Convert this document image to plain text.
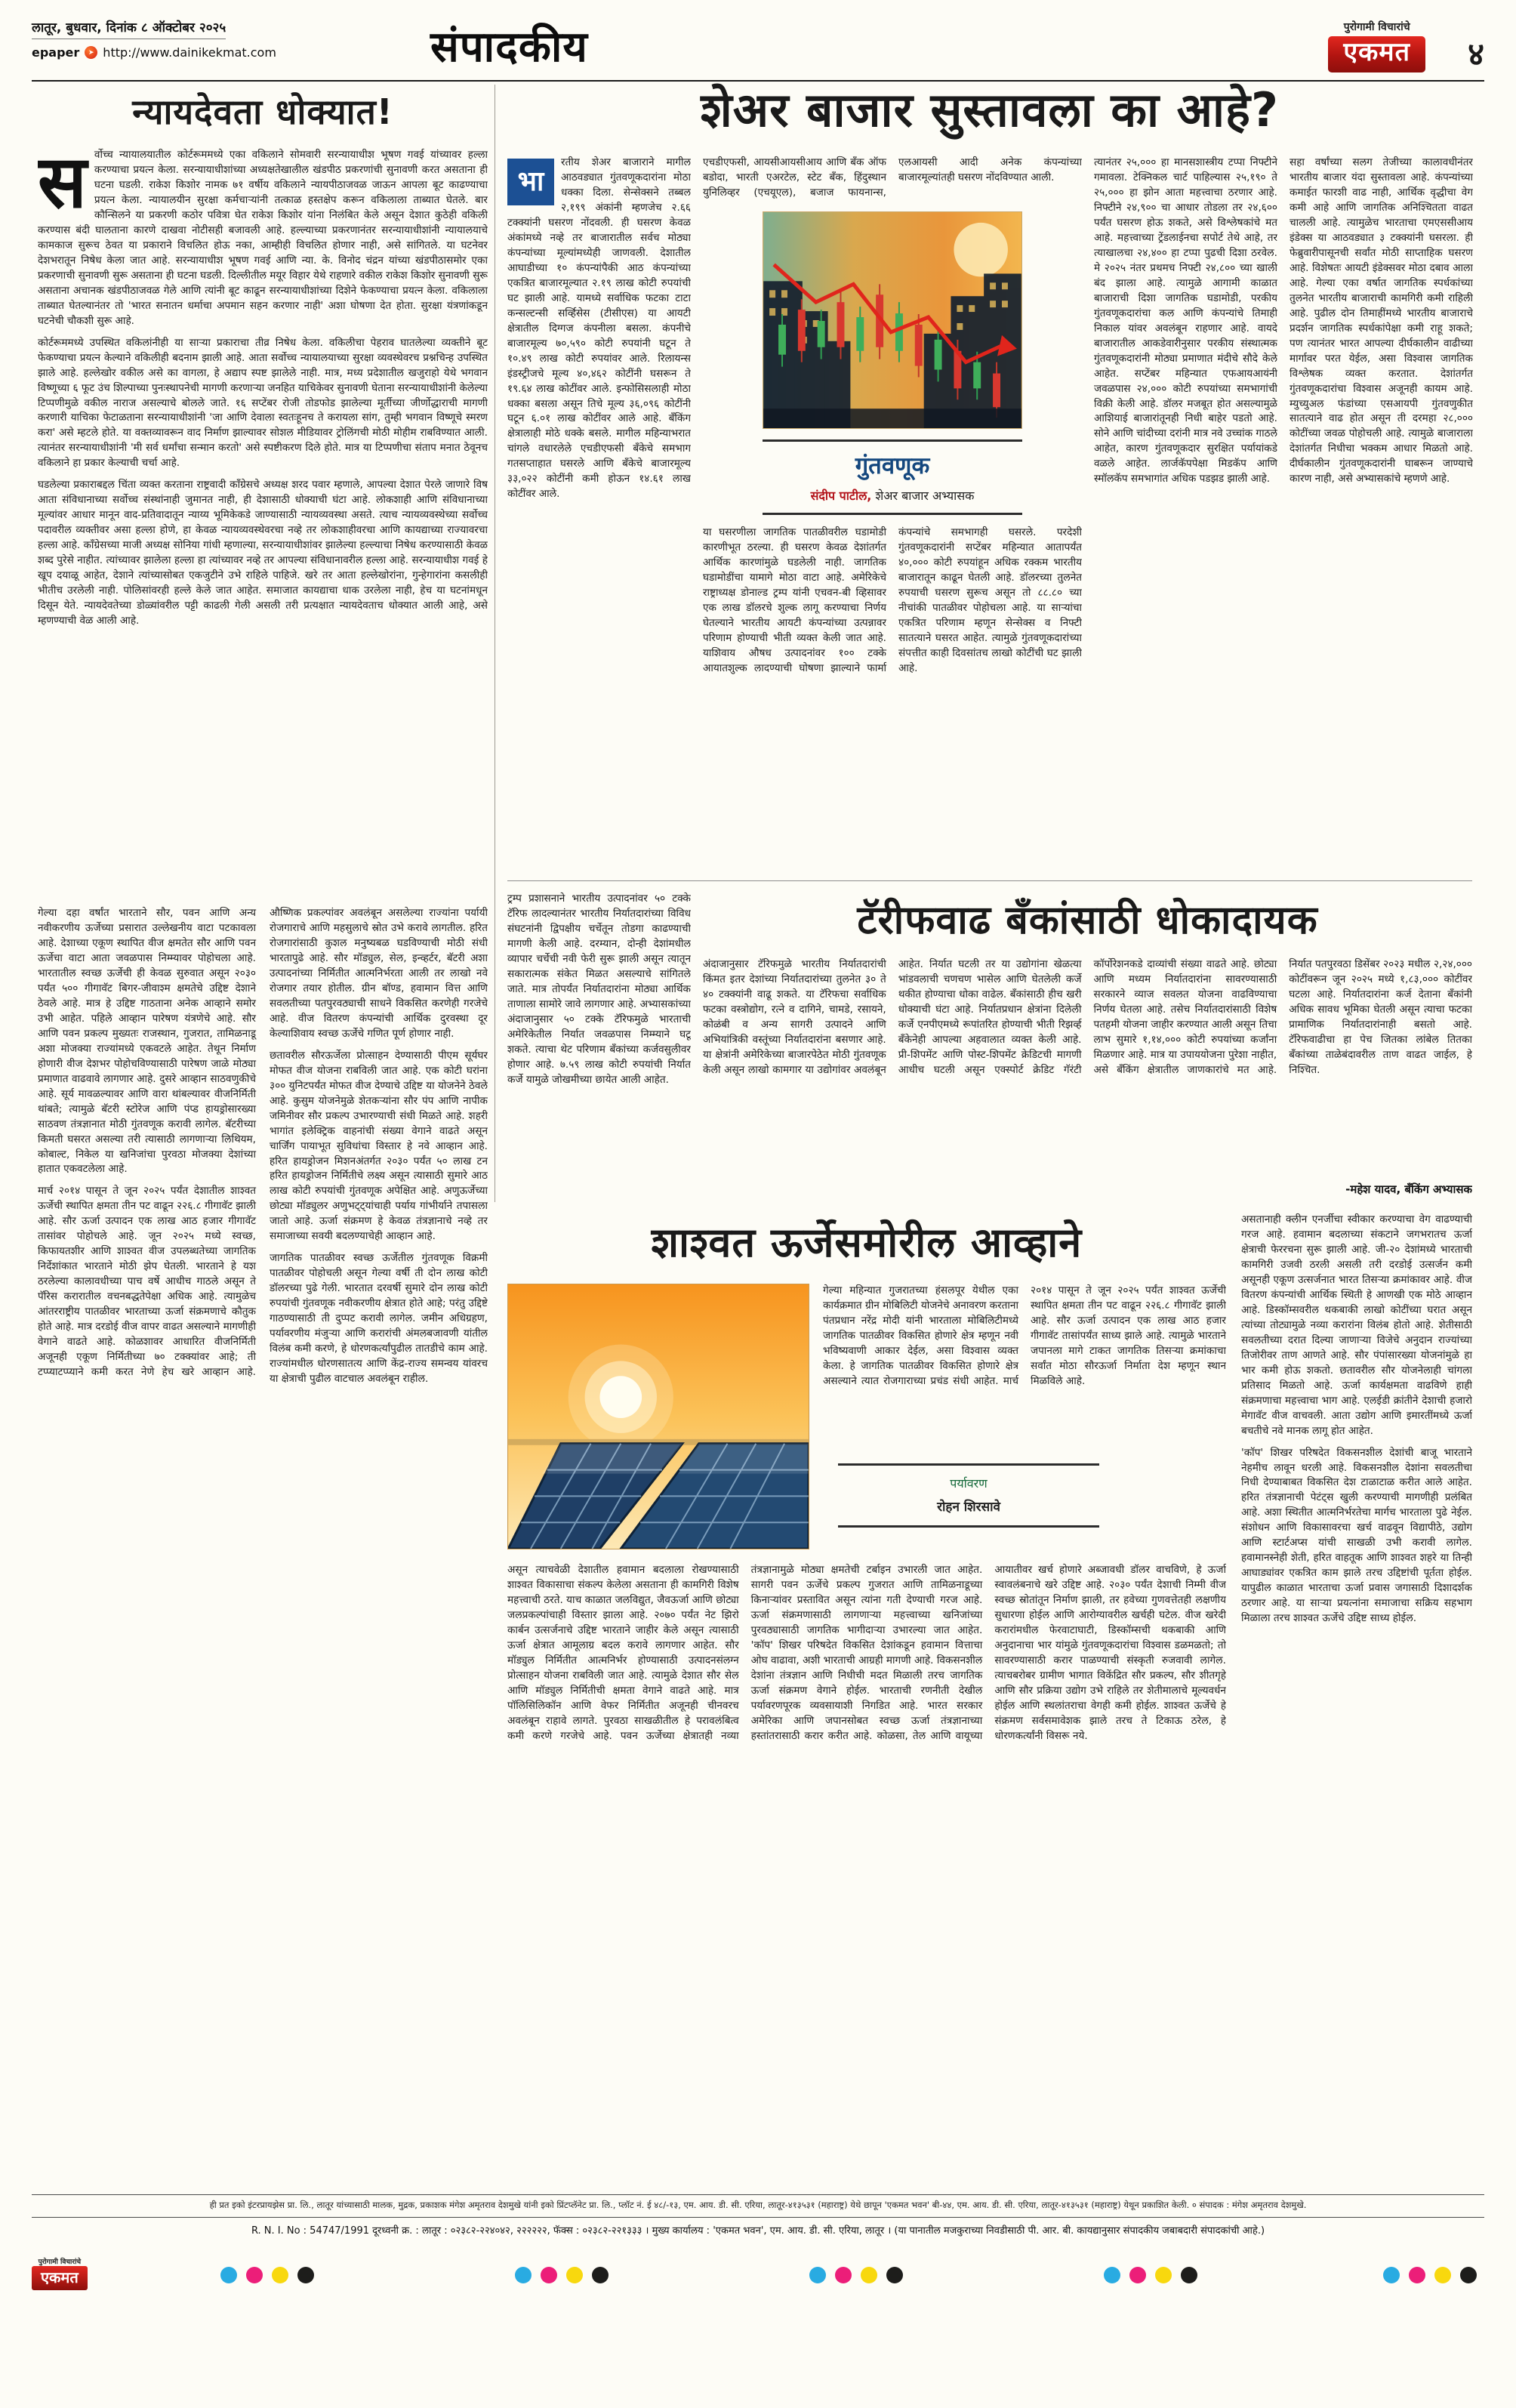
लातूर, बुधवार, दिनांक ८ ऑक्टोबर २०२५
epaper	➤ http://www.dainikekmat.com	संपादकीय	पुरोगामी विचारांचे
एकमत	४
न्यायदेवता धोक्यात!

सर्वोच्च न्यायालयातील कोर्टरूममध्ये एका वकिलाने सोमवारी सरन्यायाधीश भूषण गवई यांच्यावर हल्ला करण्याचा प्रयत्न केला. सरन्यायाधीशांच्या अध्यक्षतेखालील खंडपीठ प्रकरणांची सुनावणी करत असताना ही घटना घडली. राकेश किशोर नामक ७१ वर्षीय वकिलाने न्यायपीठाजवळ जाऊन आपला बूट काढण्याचा प्रयत्न केला. न्यायालयीन सुरक्षा कर्मचाऱ्यांनी तत्काळ हस्तक्षेप करून वकिलाला ताब्यात घेतले. बार कौन्सिलने या प्रकरणी कठोर पवित्रा घेत राकेश किशोर यांना निलंबित केले असून देशात कुठेही वकिली करण्यास बंदी घालताना कारणे दाखवा नोटीसही बजावली आहे. हल्ल्याच्या प्रकरणानंतर सरन्यायाधीशांनी न्यायालयाचे कामकाज सुरूच ठेवत या प्रकाराने विचलित होऊ नका, आम्हीही विचलित होणार नाही, असे सांगितले. या घटनेवर देशभरातून निषेध केला जात आहे. सरन्यायाधीश भूषण गवई आणि न्या. के. विनोद चंद्रन यांच्या खंडपीठासमोर एका प्रकरणाची सुनावणी सुरू असताना ही घटना घडली. दिल्लीतील मयूर विहार येथे राहणारे वकील राकेश किशोर सुनावणी सुरू असताना अचानक खंडपीठाजवळ गेले आणि त्यांनी बूट काढून सरन्यायाधीशांच्या दिशेने फेकण्याचा प्रयत्न केला. वकिलाला ताब्यात घेतल्यानंतर तो 'भारत सनातन धर्माचा अपमान सहन करणार नाही' अशा घोषणा देत होता. सुरक्षा यंत्रणांकडून घटनेची चौकशी सुरू आहे.

कोर्टरूममध्ये उपस्थित वकिलांनीही या साऱ्या प्रकाराचा तीव्र निषेध केला. वकिलीचा पेहराव घातलेल्या व्यक्तीने बूट फेकण्याचा प्रयत्न केल्याने वकिलीही बदनाम झाली आहे. आता सर्वोच्च न्यायालयाच्या सुरक्षा व्यवस्थेवरच प्रश्नचिन्ह उपस्थित झाले आहे. हल्लेखोर वकील असे का वागला, हे अद्याप स्पष्ट झालेले नाही. मात्र, मध्य प्रदेशातील खजुराहो येथे भगवान विष्णूच्या ६ फूट उंच शिल्पाच्या पुनःस्थापनेची मागणी करणाऱ्या जनहित याचिकेवर सुनावणी घेताना सरन्यायाधीशांनी केलेल्या टिप्पणीमुळे वकील नाराज असल्याचे बोलले जाते. १६ सप्टेंबर रोजी तोडफोड झालेल्या मूर्तीच्या जीर्णोद्धाराची मागणी करणारी याचिका फेटाळताना सरन्यायाधीशांनी 'जा आणि देवाला स्वतःहूनच ते करायला सांग, तुम्ही भगवान विष्णूचे स्मरण करा' असे म्हटले होते. या वक्तव्यावरून वाद निर्माण झाल्यावर सोशल मीडियावर ट्रोलिंगची मोठी मोहीम राबविण्यात आली. त्यानंतर सरन्यायाधीशांनी 'मी सर्व धर्मांचा सन्मान करतो' असे स्पष्टीकरण दिले होते. मात्र या टिप्पणीचा संताप मनात ठेवूनच वकिलाने हा प्रकार केल्याची चर्चा आहे.

घडलेल्या प्रकाराबद्दल चिंता व्यक्त करताना राष्ट्रवादी काँग्रेसचे अध्यक्ष शरद पवार म्हणाले, आपल्या देशात पेरले जाणारे विष आता संविधानाच्या सर्वोच्च संस्थांनाही जुमानत नाही, ही देशासाठी धोक्याची घंटा आहे. लोकशाही आणि संविधानाच्या मूल्यांवर आधार मानून वाद-प्रतिवादातून न्याय्य भूमिकेकडे जाण्यासाठी न्यायव्यवस्था असते. त्याच न्यायव्यवस्थेच्या सर्वोच्च पदावरील व्यक्तीवर असा हल्ला होणे, हा केवळ न्यायव्यवस्थेवरचा नव्हे तर लोकशाहीवरचा आणि कायद्याच्या राज्यावरचा हल्ला आहे. काँग्रेसच्या माजी अध्यक्ष सोनिया गांधी म्हणाल्या, सरन्यायाधीशांवर झालेल्या हल्ल्याचा निषेध करण्यासाठी केवळ शब्द पुरेसे नाहीत. त्यांच्यावर झालेला हल्ला हा त्यांच्यावर नव्हे तर आपल्या संविधानावरील हल्ला आहे. सरन्यायाधीश गवई हे खूप दयाळू आहेत, देशाने त्यांच्यासोबत एकजुटीने उभे राहिले पाहिजे. खरे तर आता हल्लेखोरांना, गुन्हेगारांना कसलीही भीतीच उरलेली नाही. पोलिसांवरही हल्ले केले जात आहेत. समाजात कायद्याचा धाक उरलेला नाही, हेच या घटनांमधून दिसून येते. न्यायदेवतेच्या डोळ्यांवरील पट्टी काढली गेली असली तरी प्रत्यक्षात न्यायदेवताच धोक्यात आली आहे, असे म्हणण्याची वेळ आली आहे.

शेअर बाजार सुस्तावला का आहे?
भा
रतीय शेअर बाजाराने मागील आठवड्यात गुंतवणूकदारांना मोठा धक्का दिला. सेन्सेक्सने तब्बल २,१९९ अंकांनी म्हणजेच २.६६ टक्क्यांनी घसरण नोंदवली. ही घसरण केवळ अंकांमध्ये नव्हे तर बाजारातील सर्वच मोठ्या कंपन्यांच्या मूल्यांमध्येही जाणवली. देशातील आघाडीच्या १० कंपन्यांपैकी आठ कंपन्यांच्या एकत्रित बाजारमूल्यात २.१९ लाख कोटी रुपयांची घट झाली आहे. यामध्ये सर्वाधिक फटका टाटा कन्सल्टन्सी सर्व्हिसेस (टीसीएस) या आयटी क्षेत्रातील दिग्गज कंपनीला बसला. कंपनीचे बाजारमूल्य ७०,५९० कोटी रुपयांनी घटून ते १०.४९ लाख कोटी रुपयांवर आले. रिलायन्स इंडस्ट्रीजचे मूल्य ४०,४६२ कोटींनी घसरून ते १९.६४ लाख कोटींवर आले. इन्फोसिसलाही मोठा धक्का बसला असून तिचे मूल्य ३६,०९६ कोटींनी घटून ६.०१ लाख कोटींवर आले आहे. बँकिंग क्षेत्रालाही मोठे धक्के बसले. मागील महिन्याभरात चांगले वधारलेले एचडीएफसी बँकेचे समभाग गतसप्ताहात घसरले आणि बँकेचे बाजारमूल्य ३३,०२२ कोटींनी कमी होऊन १४.६१ लाख कोटींवर आले.
एचडीएफसी, आयसीआयसीआय आणि बँक ऑफ बडोदा, भारती एअरटेल, स्टेट बँक, हिंदुस्थान युनिलिव्हर (एचयूएल), बजाज फायनान्स, एलआयसी आदी अनेक कंपन्यांच्या बाजारमूल्यांतही घसरण नोंदविण्यात आली.
गुंतवणूक
संदीप पाटील, शेअर बाजार अभ्यासक
या घसरणीला जागतिक पातळीवरील घडामोडी कारणीभूत ठरल्या. ही घसरण केवळ देशांतर्गत आर्थिक कारणांमुळे घडलेली नाही. जागतिक घडामोडींचा यामागे मोठा वाटा आहे. अमेरिकेचे राष्ट्राध्यक्ष डोनाल्ड ट्रम्प यांनी एचवन-बी व्हिसावर एक लाख डॉलरचे शुल्क लागू करण्याचा निर्णय घेतल्याने भारतीय आयटी कंपन्यांच्या उत्पन्नावर परिणाम होण्याची भीती व्यक्त केली जात आहे. याशिवाय औषध उत्पादनांवर १०० टक्के आयातशुल्क लादण्याची घोषणा झाल्याने फार्मा कंपन्यांचे समभागही घसरले. परदेशी गुंतवणूकदारांनी सप्टेंबर महिन्यात आतापर्यंत ४०,००० कोटी रुपयांहून अधिक रक्कम भारतीय बाजारातून काढून घेतली आहे. डॉलरच्या तुलनेत रुपयाची घसरण सुरूच असून तो ८८.८० च्या नीचांकी पातळीवर पोहोचला आहे. या साऱ्यांचा एकत्रित परिणाम म्हणून सेन्सेक्स व निफ्टी सातत्याने घसरत आहेत. त्यामुळे गुंतवणूकदारांच्या संपत्तीत काही दिवसांतच लाखो कोटींची घट झाली आहे.
त्यानंतर २५,००० हा मानसशास्त्रीय टप्पा निफ्टीने गमावला. टेक्निकल चार्ट पाहिल्यास २५,१९० ते २५,००० हा झोन आता महत्त्वाचा ठरणार आहे. निफ्टीने २४,९०० चा आधार तोडला तर २४,६०० पर्यंत घसरण होऊ शकते, असे विश्लेषकांचे मत आहे. महत्त्वाच्या ट्रेंडलाईनचा सपोर्ट तेथे आहे, तर त्याखालचा २४,४०० हा टप्पा पुढची दिशा ठरवेल. मे २०२५ नंतर प्रथमच निफ्टी २४,८०० च्या खाली बंद झाला आहे. त्यामुळे आगामी काळात बाजाराची दिशा जागतिक घडामोडी, परकीय गुंतवणूकदारांचा कल आणि कंपन्यांचे तिमाही निकाल यांवर अवलंबून राहणार आहे. वायदे बाजारातील आकडेवारीनुसार परकीय संस्थात्मक गुंतवणूकदारांनी मोठ्या प्रमाणात मंदीचे सौदे केले आहेत. सप्टेंबर महिन्यात एफआयआयंनी जवळपास २४,००० कोटी रुपयांच्या समभागांची विक्री केली आहे. डॉलर मजबूत होत असल्यामुळे आशियाई बाजारांतूनही निधी बाहेर पडतो आहे. सोने आणि चांदीच्या दरांनी मात्र नवे उच्चांक गाठले आहेत, कारण गुंतवणूकदार सुरक्षित पर्यायांकडे वळले आहेत. लार्जकॅपपेक्षा मिडकॅप आणि स्मॉलकॅप समभागांत अधिक पडझड झाली आहे.
सहा वर्षांच्या सलग तेजीच्या कालावधीनंतर भारतीय बाजार यंदा सुस्तावला आहे. कंपन्यांच्या कमाईत फारशी वाढ नाही, आर्थिक वृद्धीचा वेग कमी आहे आणि जागतिक अनिश्चितता वाढत चालली आहे. त्यामुळेच भारताचा एमएससीआय इंडेक्स या आठवड्यात ३ टक्क्यांनी घसरला. ही फेब्रुवारीपासूनची सर्वांत मोठी साप्ताहिक घसरण आहे. विशेषतः आयटी इंडेक्सवर मोठा दबाव आला आहे. गेल्या एका वर्षात जागतिक स्पर्धकांच्या तुलनेत भारतीय बाजाराची कामगिरी कमी राहिली आहे. पुढील दोन तिमाहींमध्ये भारतीय बाजाराचे प्रदर्शन जागतिक स्पर्धकांपेक्षा कमी राहू शकते; पण त्यानंतर भारत आपल्या दीर्घकालीन वाढीच्या मार्गावर परत येईल, असा विश्वास जागतिक विश्लेषक व्यक्त करतात. देशांतर्गत गुंतवणूकदारांचा विश्वास अजूनही कायम आहे. म्युच्युअल फंडांच्या एसआयपी गुंतवणुकीत सातत्याने वाढ होत असून ती दरमहा २८,००० कोटींच्या जवळ पोहोचली आहे. त्यामुळे बाजाराला देशांतर्गत निधीचा भक्कम आधार मिळतो आहे. दीर्घकालीन गुंतवणूकदारांनी घाबरून जाण्याचे कारण नाही, असे अभ्यासकांचे म्हणणे आहे.
ट्रम्प प्रशासनाने भारतीय उत्पादनांवर ५० टक्के टॅरिफ लादल्यानंतर भारतीय निर्यातदारांच्या विविध संघटनांनी द्विपक्षीय चर्चेतून तोडगा काढण्याची मागणी केली आहे. दरम्यान, दोन्ही देशांमधील व्यापार चर्चेची नवी फेरी सुरू झाली असून त्यातून सकारात्मक संकेत मिळत असल्याचे सांगितले जाते. मात्र तोपर्यंत निर्यातदारांना मोठ्या आर्थिक ताणाला सामोरे जावे लागणार आहे. अभ्यासकांच्या अंदाजानुसार ५० टक्के टॅरिफमुळे भारताची अमेरिकेतील निर्यात जवळपास निम्म्याने घटू शकते. त्याचा थेट परिणाम बँकांच्या कर्जवसुलीवर होणार आहे. ७.५९ लाख कोटी रुपयांची निर्यात कर्जे यामुळे जोखमीच्या छायेत आली आहेत.
टॅरीफवाढ बँकांसाठी धोकादायक
अंदाजानुसार टॅरिफमुळे भारतीय निर्यातदारांची किंमत इतर देशांच्या निर्यातदारांच्या तुलनेत ३० ते ४० टक्क्यांनी वाढू शकते. या टॅरिफचा सर्वाधिक फटका वस्त्रोद्योग, रत्ने व दागिने, चामडे, रसायने, कोळंबी व अन्य सागरी उत्पादने आणि अभियांत्रिकी वस्तूंच्या निर्यातदारांना बसणार आहे. या क्षेत्रांनी अमेरिकेच्या बाजारपेठेत मोठी गुंतवणूक केली असून लाखो कामगार या उद्योगांवर अवलंबून आहेत. निर्यात घटली तर या उद्योगांना खेळत्या भांडवलाची चणचण भासेल आणि घेतलेली कर्जे थकीत होण्याचा धोका वाढेल. बँकांसाठी हीच खरी धोक्याची घंटा आहे. निर्यातप्रधान क्षेत्रांना दिलेली कर्जे एनपीएमध्ये रूपांतरित होण्याची भीती रिझर्व्ह बँकेनेही आपल्या अहवालात व्यक्त केली आहे. प्री-शिपमेंट आणि पोस्ट-शिपमेंट क्रेडिटची मागणी आधीच घटली असून एक्स्पोर्ट क्रेडिट गॅरंटी कॉर्पोरेशनकडे दाव्यांची संख्या वाढते आहे. छोट्या आणि मध्यम निर्यातदारांना सावरण्यासाठी सरकारने व्याज सवलत योजना वाढविण्याचा निर्णय घेतला आहे. तसेच निर्यातदारांसाठी विशेष पतहमी योजना जाहीर करण्यात आली असून तिचा लाभ सुमारे १,१४,००० कोटी रुपयांच्या कर्जांना मिळणार आहे. मात्र या उपाययोजना पुरेशा नाहीत, असे बँकिंग क्षेत्रातील जाणकारांचे मत आहे. निर्यात पतपुरवठा डिसेंबर २०२३ मधील २,२४,००० कोटींवरून जून २०२५ मध्ये १,८३,००० कोटींवर घटला आहे. निर्यातदारांना कर्ज देताना बँकांनी अधिक सावध भूमिका घेतली असून त्याचा फटका प्रामाणिक निर्यातदारांनाही बसतो आहे. टॅरिफवाढीचा हा पेच जितका लांबेल तितका बँकांच्या ताळेबंदावरील ताण वाढत जाईल, हे निश्चित.
-महेश यादव, बँकिंग अभ्यासक

गेल्या दहा वर्षांत भारताने सौर, पवन आणि अन्य नवीकरणीय ऊर्जेच्या प्रसारात उल्लेखनीय वाटा पटकावला आहे. देशाच्या एकूण स्थापित वीज क्षमतेत सौर आणि पवन ऊर्जेचा वाटा आता जवळपास निम्म्यावर पोहोचला आहे. भारतातील स्वच्छ ऊर्जेची ही केवळ सुरुवात असून २०३० पर्यंत ५०० गीगावॅट बिगर-जीवाश्म क्षमतेचे उद्दिष्ट देशाने ठेवले आहे. मात्र हे उद्दिष्ट गाठताना अनेक आव्हाने समोर उभी आहेत. पहिले आव्हान पारेषण यंत्रणेचे आहे. सौर आणि पवन प्रकल्प मुख्यतः राजस्थान, गुजरात, तामिळनाडू अशा मोजक्या राज्यांमध्ये एकवटले आहेत. तेथून निर्माण होणारी वीज देशभर पोहोचविण्यासाठी पारेषण जाळे मोठ्या प्रमाणात वाढवावे लागणार आहे. दुसरे आव्हान साठवणुकीचे आहे. सूर्य मावळल्यावर आणि वारा थांबल्यावर वीजनिर्मिती थांबते; त्यामुळे बॅटरी स्टोरेज आणि पंप्ड हायड्रोसारख्या साठवण तंत्रज्ञानात मोठी गुंतवणूक करावी लागेल. बॅटरीच्या किमती घसरत असल्या तरी त्यासाठी लागणाऱ्या लिथियम, कोबाल्ट, निकेल या खनिजांचा पुरवठा मोजक्या देशांच्या हातात एकवटलेला आहे.

मार्च २०१४ पासून ते जून २०२५ पर्यंत देशातील शाश्वत ऊर्जेची स्थापित क्षमता तीन पट वाढून २२६.८ गीगावॅट झाली आहे. सौर ऊर्जा उत्पादन एक लाख आठ हजार गीगावॅट तासांवर पोहोचले आहे. जून २०२५ मध्ये स्वच्छ, किफायतशीर आणि शाश्वत वीज उपलब्धतेच्या जागतिक निर्देशांकात भारताने मोठी झेप घेतली. भारताने हे यश ठरलेल्या कालावधीच्या पाच वर्षे आधीच गाठले असून ते पॅरिस करारातील वचनबद्धतेपेक्षा अधिक आहे. त्यामुळेच आंतरराष्ट्रीय पातळीवर भारताच्या ऊर्जा संक्रमणाचे कौतुक होते आहे. मात्र दरडोई वीज वापर वाढत असल्याने मागणीही वेगाने वाढते आहे. कोळशावर आधारित वीजनिर्मिती अजूनही एकूण निर्मितीच्या ७० टक्क्यांवर आहे; ती टप्प्याटप्प्याने कमी करत नेणे हेच खरे आव्हान आहे. औष्णिक प्रकल्पांवर अवलंबून असलेल्या राज्यांना पर्यायी रोजगाराचे आणि महसुलाचे स्रोत उभे करावे लागतील. हरित रोजगारांसाठी कुशल मनुष्यबळ घडविण्याची मोठी संधी भारतापुढे आहे. सौर मॉड्युल, सेल, इन्व्हर्टर, बॅटरी अशा उत्पादनांच्या निर्मितीत आत्मनिर्भरता आली तर लाखो नवे रोजगार तयार होतील. ग्रीन बॉण्ड, हवामान वित्त आणि सवलतीच्या पतपुरवठ्याची साधने विकसित करणेही गरजेचे आहे. वीज वितरण कंपन्यांची आर्थिक दुरवस्था दूर केल्याशिवाय स्वच्छ ऊर्जेचे गणित पूर्ण होणार नाही.

छतावरील सौरऊर्जेला प्रोत्साहन देण्यासाठी पीएम सूर्यघर मोफत वीज योजना राबविली जात आहे. एक कोटी घरांना ३०० युनिटपर्यंत मोफत वीज देण्याचे उद्दिष्ट या योजनेने ठेवले आहे. कुसुम योजनेमुळे शेतकऱ्यांना सौर पंप आणि नापीक जमिनीवर सौर प्रकल्प उभारण्याची संधी मिळते आहे. शहरी भागांत इलेक्ट्रिक वाहनांची संख्या वेगाने वाढते असून चार्जिंग पायाभूत सुविधांचा विस्तार हे नवे आव्हान आहे. हरित हायड्रोजन मिशनअंतर्गत २०३० पर्यंत ५० लाख टन हरित हायड्रोजन निर्मितीचे लक्ष्य असून त्यासाठी सुमारे आठ लाख कोटी रुपयांची गुंतवणूक अपेक्षित आहे. अणुऊर्जेच्या छोट्या मॉड्युलर अणुभट्ट्यांचाही पर्याय गांभीर्याने तपासला जातो आहे. ऊर्जा संक्रमण हे केवळ तंत्रज्ञानाचे नव्हे तर समाजाच्या सवयी बदलण्याचेही आव्हान आहे.

जागतिक पातळीवर स्वच्छ ऊर्जेतील गुंतवणूक विक्रमी पातळीवर पोहोचली असून गेल्या वर्षी ती दोन लाख कोटी डॉलरच्या पुढे गेली. भारतात दरवर्षी सुमारे दोन लाख कोटी रुपयांची गुंतवणूक नवीकरणीय क्षेत्रात होते आहे; परंतु उद्दिष्टे गाठण्यासाठी ती दुप्पट करावी लागेल. जमीन अधिग्रहण, पर्यावरणीय मंजुऱ्या आणि करारांची अंमलबजावणी यांतील विलंब कमी करणे, हे धोरणकर्त्यांपुढील तातडीचे काम आहे. राज्यांमधील धोरणसातत्य आणि केंद्र-राज्य समन्वय यांवरच या क्षेत्राची पुढील वाटचाल अवलंबून राहील.

शाश्वत ऊर्जेसमोरील आव्हाने
गेल्या महिन्यात गुजरातच्या हंसलपूर येथील एका कार्यक्रमात ग्रीन मोबिलिटी योजनेचे अनावरण करताना पंतप्रधान नरेंद्र मोदी यांनी भारताला मोबिलिटीमध्ये जागतिक पातळीवर विकसित होणारे क्षेत्र म्हणून नवी भविष्यवाणी आकार देईल, असा विश्वास व्यक्त केला. हे जागतिक पातळीवर विकसित होणारे क्षेत्र असल्याने त्यात रोजगाराच्या प्रचंड संधी आहेत. मार्च २०१४ पासून ते जून २०२५ पर्यंत शाश्वत ऊर्जेची स्थापित क्षमता तीन पट वाढून २२६.८ गीगावॅट झाली आहे. सौर ऊर्जा उत्पादन एक लाख आठ हजार गीगावॅट तासांपर्यंत साध्य झाले आहे. त्यामुळे भारताने जपानला मागे टाकत जागतिक तिसऱ्या क्रमांकाचा सर्वांत मोठा सौरऊर्जा निर्माता देश म्हणून स्थान मिळविले आहे.
पर्यावरण
रोहन शिरसावे
असून त्याचवेळी देशातील हवामान बदलाला रोखण्यासाठी शाश्वत विकासाचा संकल्प केलेला असताना ही कामगिरी विशेष महत्त्वाची ठरते. याच काळात जलविद्युत, जैवऊर्जा आणि छोट्या जलप्रकल्पांचाही विस्तार झाला आहे. २०७० पर्यंत नेट झिरो कार्बन उत्सर्जनाचे उद्दिष्ट भारताने जाहीर केले असून त्यासाठी ऊर्जा क्षेत्रात आमूलाग्र बदल करावे लागणार आहेत. सौर मॉड्युल निर्मितीत आत्मनिर्भर होण्यासाठी उत्पादनसंलग्न प्रोत्साहन योजना राबविली जात आहे. त्यामुळे देशात सौर सेल आणि मॉड्युल निर्मितीची क्षमता वेगाने वाढते आहे. मात्र पॉलिसिलिकॉन आणि वेफर निर्मितीत अजूनही चीनवरच अवलंबून राहावे लागते. पुरवठा साखळीतील हे परावलंबित्व कमी करणे गरजेचे आहे. पवन ऊर्जेच्या क्षेत्रातही नव्या तंत्रज्ञानामुळे मोठ्या क्षमतेची टर्बाइन उभारली जात आहेत. सागरी पवन ऊर्जेचे प्रकल्प गुजरात आणि तामिळनाडूच्या किनाऱ्यांवर प्रस्तावित असून त्यांना गती देण्याची गरज आहे. ऊर्जा संक्रमणासाठी लागणाऱ्या महत्त्वाच्या खनिजांच्या पुरवठ्यासाठी जागतिक भागीदाऱ्या उभारल्या जात आहेत. 'कॉप' शिखर परिषदेत विकसित देशांकडून हवामान वित्ताचा ओघ वाढावा, अशी भारताची आग्रही मागणी आहे. विकसनशील देशांना तंत्रज्ञान आणि निधीची मदत मिळाली तरच जागतिक ऊर्जा संक्रमण वेगाने होईल. भारताची रणनीती देखील पर्यावरणपूरक व्यवसायाशी निगडित आहे. भारत सरकार अमेरिका आणि जपानसोबत स्वच्छ ऊर्जा तंत्रज्ञानाच्या हस्तांतरासाठी करार करीत आहे. कोळसा, तेल आणि वायूच्या आयातीवर खर्च होणारे अब्जावधी डॉलर वाचविणे, हे ऊर्जा स्वावलंबनाचे खरे उद्दिष्ट आहे. २०३० पर्यंत देशाची निम्मी वीज स्वच्छ स्रोतांतून निर्माण झाली, तर हवेच्या गुणवत्तेतही लक्षणीय सुधारणा होईल आणि आरोग्यावरील खर्चही घटेल. वीज खरेदी करारांमधील फेरवाटाघाटी, डिस्कॉम्सची थकबाकी आणि अनुदानाचा भार यांमुळे गुंतवणूकदारांचा विश्वास डळमळतो; तो सावरण्यासाठी करार पाळण्याची संस्कृती रुजवावी लागेल. त्याचबरोबर ग्रामीण भागात विकेंद्रित सौर प्रकल्प, सौर शीतगृहे आणि सौर प्रक्रिया उद्योग उभे राहिले तर शेतीमालाचे मूल्यवर्धन होईल आणि स्थलांतराचा वेगही कमी होईल. शाश्वत ऊर्जेचे हे संक्रमण सर्वसमावेशक झाले तरच ते टिकाऊ ठरेल, हे धोरणकर्त्यांनी विसरू नये.

असतानाही क्लीन एनर्जीचा स्वीकार करण्याचा वेग वाढण्याची गरज आहे. हवामान बदलाच्या संकटाने जगभरातच ऊर्जा क्षेत्राची फेररचना सुरू झाली आहे. जी-२० देशांमध्ये भारताची कामगिरी उजवी ठरली असली तरी दरडोई उत्सर्जन कमी असूनही एकूण उत्सर्जनात भारत तिसऱ्या क्रमांकावर आहे. वीज वितरण कंपन्यांची आर्थिक स्थिती हे आणखी एक मोठे आव्हान आहे. डिस्कॉम्सवरील थकबाकी लाखो कोटींच्या घरात असून त्यांच्या तोट्यामुळे नव्या करारांना विलंब होतो आहे. शेतीसाठी सवलतीच्या दरात दिल्या जाणाऱ्या विजेचे अनुदान राज्यांच्या तिजोरीवर ताण आणते आहे. सौर पंपांसारख्या योजनांमुळे हा भार कमी होऊ शकतो. छतावरील सौर योजनेलाही चांगला प्रतिसाद मिळतो आहे. ऊर्जा कार्यक्षमता वाढविणे हाही संक्रमणाचा महत्त्वाचा भाग आहे. एलईडी क्रांतीने देशाची हजारो मेगावॅट वीज वाचवली. आता उद्योग आणि इमारतींमध्ये ऊर्जा बचतीचे नवे मानक लागू होत आहेत.

'कॉप' शिखर परिषदेत विकसनशील देशांची बाजू भारताने नेहमीच लावून धरली आहे. विकसनशील देशांना सवलतीचा निधी देण्याबाबत विकसित देश टाळाटाळ करीत आले आहेत. हरित तंत्रज्ञानाची पेटंट्स खुली करण्याची मागणीही प्रलंबित आहे. अशा स्थितीत आत्मनिर्भरतेचा मार्गच भारताला पुढे नेईल. संशोधन आणि विकासावरचा खर्च वाढवून विद्यापीठे, उद्योग आणि स्टार्टअप्स यांची साखळी उभी करावी लागेल. हवामानस्नेही शेती, हरित वाहतूक आणि शाश्वत शहरे या तिन्ही आघाड्यांवर एकत्रित काम झाले तरच उद्दिष्टांची पूर्तता होईल. यापुढील काळात भारताचा ऊर्जा प्रवास जगासाठी दिशादर्शक ठरणार आहे. या साऱ्या प्रयत्नांना समाजाचा सक्रिय सहभाग मिळाला तरच शाश्वत ऊर्जेचे उद्दिष्ट साध्य होईल.

ही प्रत इको इंटरप्रायझेस प्रा. लि., लातूर यांच्यासाठी मालक, मुद्रक, प्रकाशक मंगेश अमृतराव देशमुखे यांनी इको प्रिंटप्लॅनेट प्रा. लि., प्लॉट नं. ई ४८/-१३, एम. आय. डी. सी. एरिया, लातूर-४१३५३१ (महाराष्ट्र) येथे छापून 'एकमत भवन' बी-४४, एम. आय. डी. सी. एरिया, लातूर-४१३५३१ (महाराष्ट्र) येथून प्रकाशित केली. ० संपादक : मंगेश अमृतराव देशमुखे.
R. N. I. No : 54747/1991 दूरध्वनी क्र. : लातूर : ०२३८२-२२४०४२, २२२२२२, फॅक्स : ०२३८२-२२१३३३ । मुख्य कार्यालय : 'एकमत भवन', एम. आय. डी. सी. एरिया, लातूर । (या पानातील मजकुराच्या निवडीसाठी पी. आर. बी. कायद्यानुसार संपादकीय जबाबदारी संपादकांची आहे.)
पुरोगामी विचारांचे
एकमत
